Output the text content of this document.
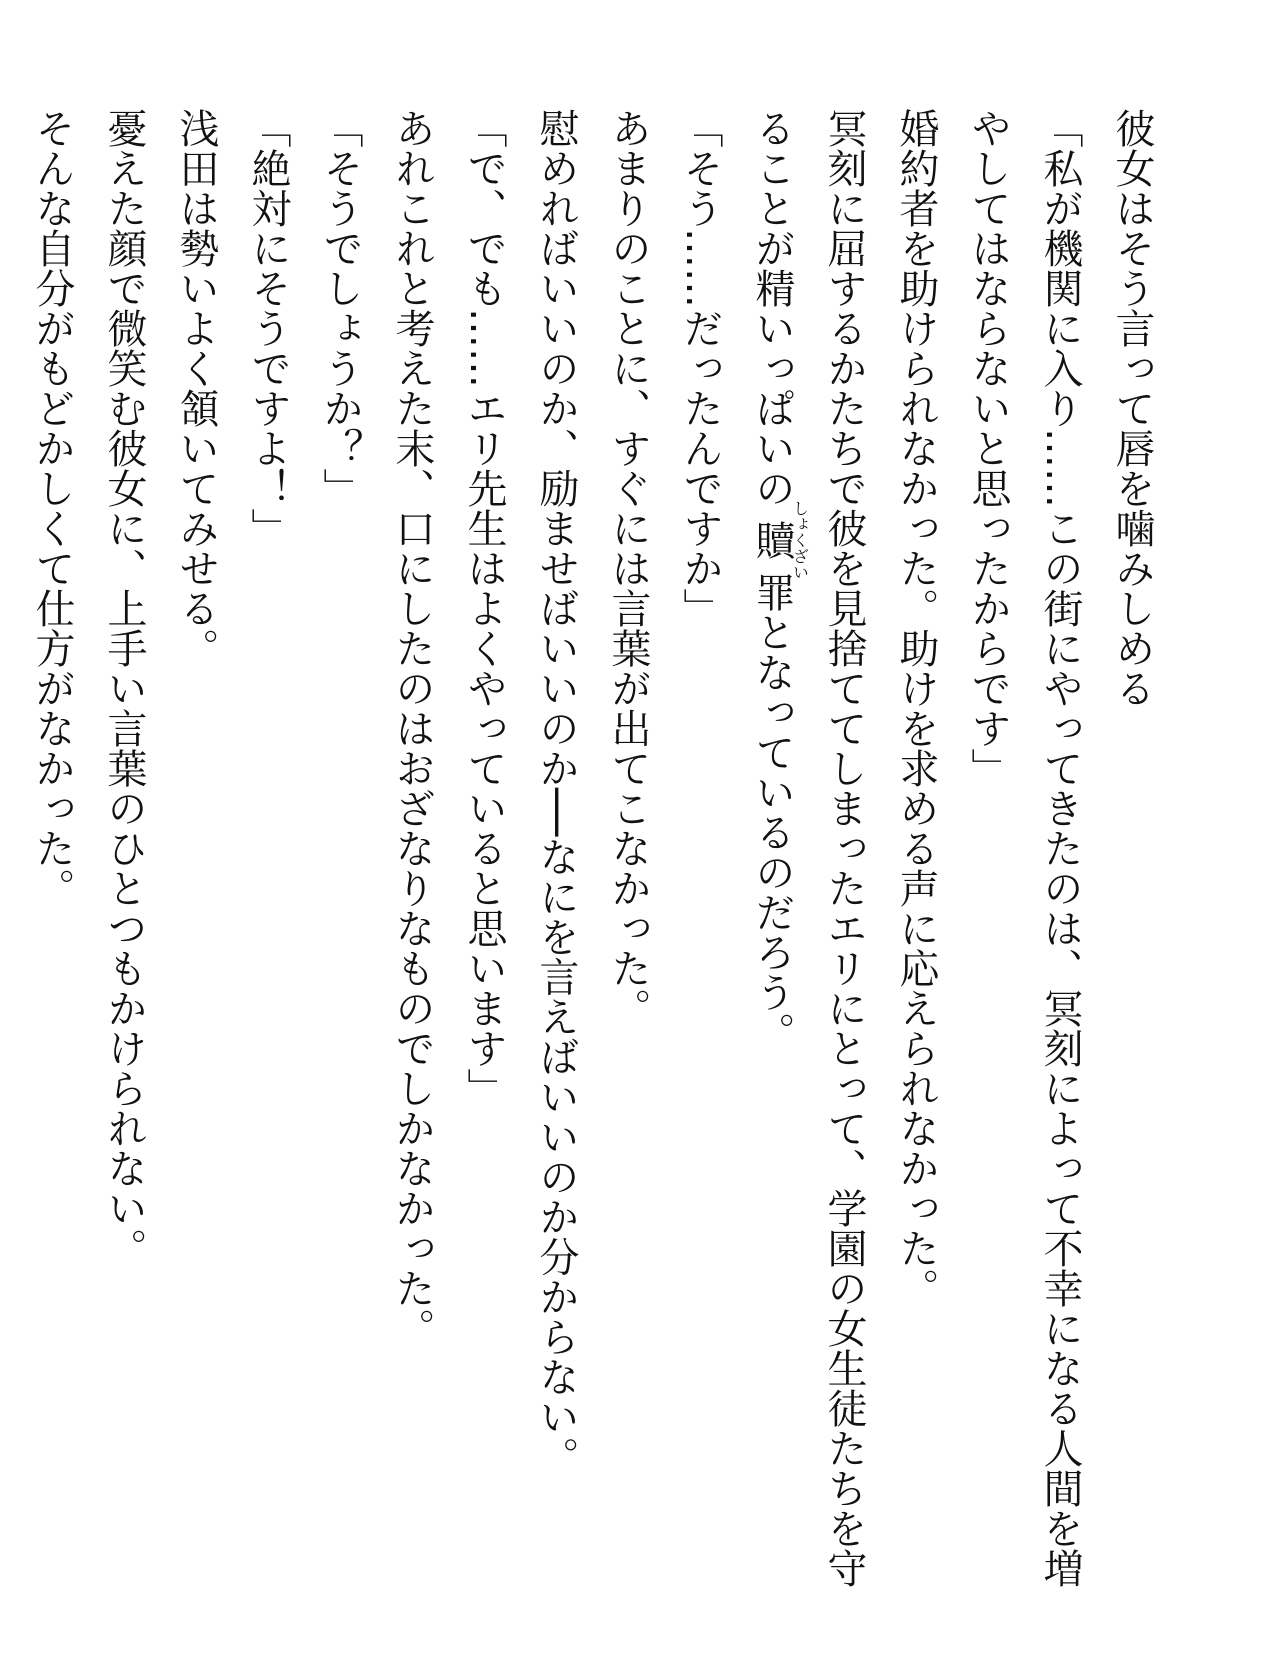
彼女はそう言って唇を噛みしめる

「私が機関に入り……この街にやってきたのは、冥刻によって不幸になる人間を増やしてはならないと思ったからです」

婚約者を助けられなかった。助けを求める声に応えられなかった。

冥刻に屈するかたちで彼を見捨ててしまったエリにとって、学園の女生徒たちを守ることが精いっぱいの贖しょくざい罪となっているのだろう。

「そう……だったんですか」

あまりのことに、すぐには言葉が出てこなかった。

慰めればいいのか、励ませばいいのか──なにを言えばいいのか分からない。

「で、でも……エリ先生はよくやっていると思います」

あれこれと考えた末、口にしたのはおざなりなものでしかなかった。

「そうでしょうか？」

「絶対にそうですよ！」

浅田は勢いよく頷いてみせる。

憂えた顔で微笑む彼女に、上手い言葉のひとつもかけられない。

そんな自分がもどかしくて仕方がなかった。
